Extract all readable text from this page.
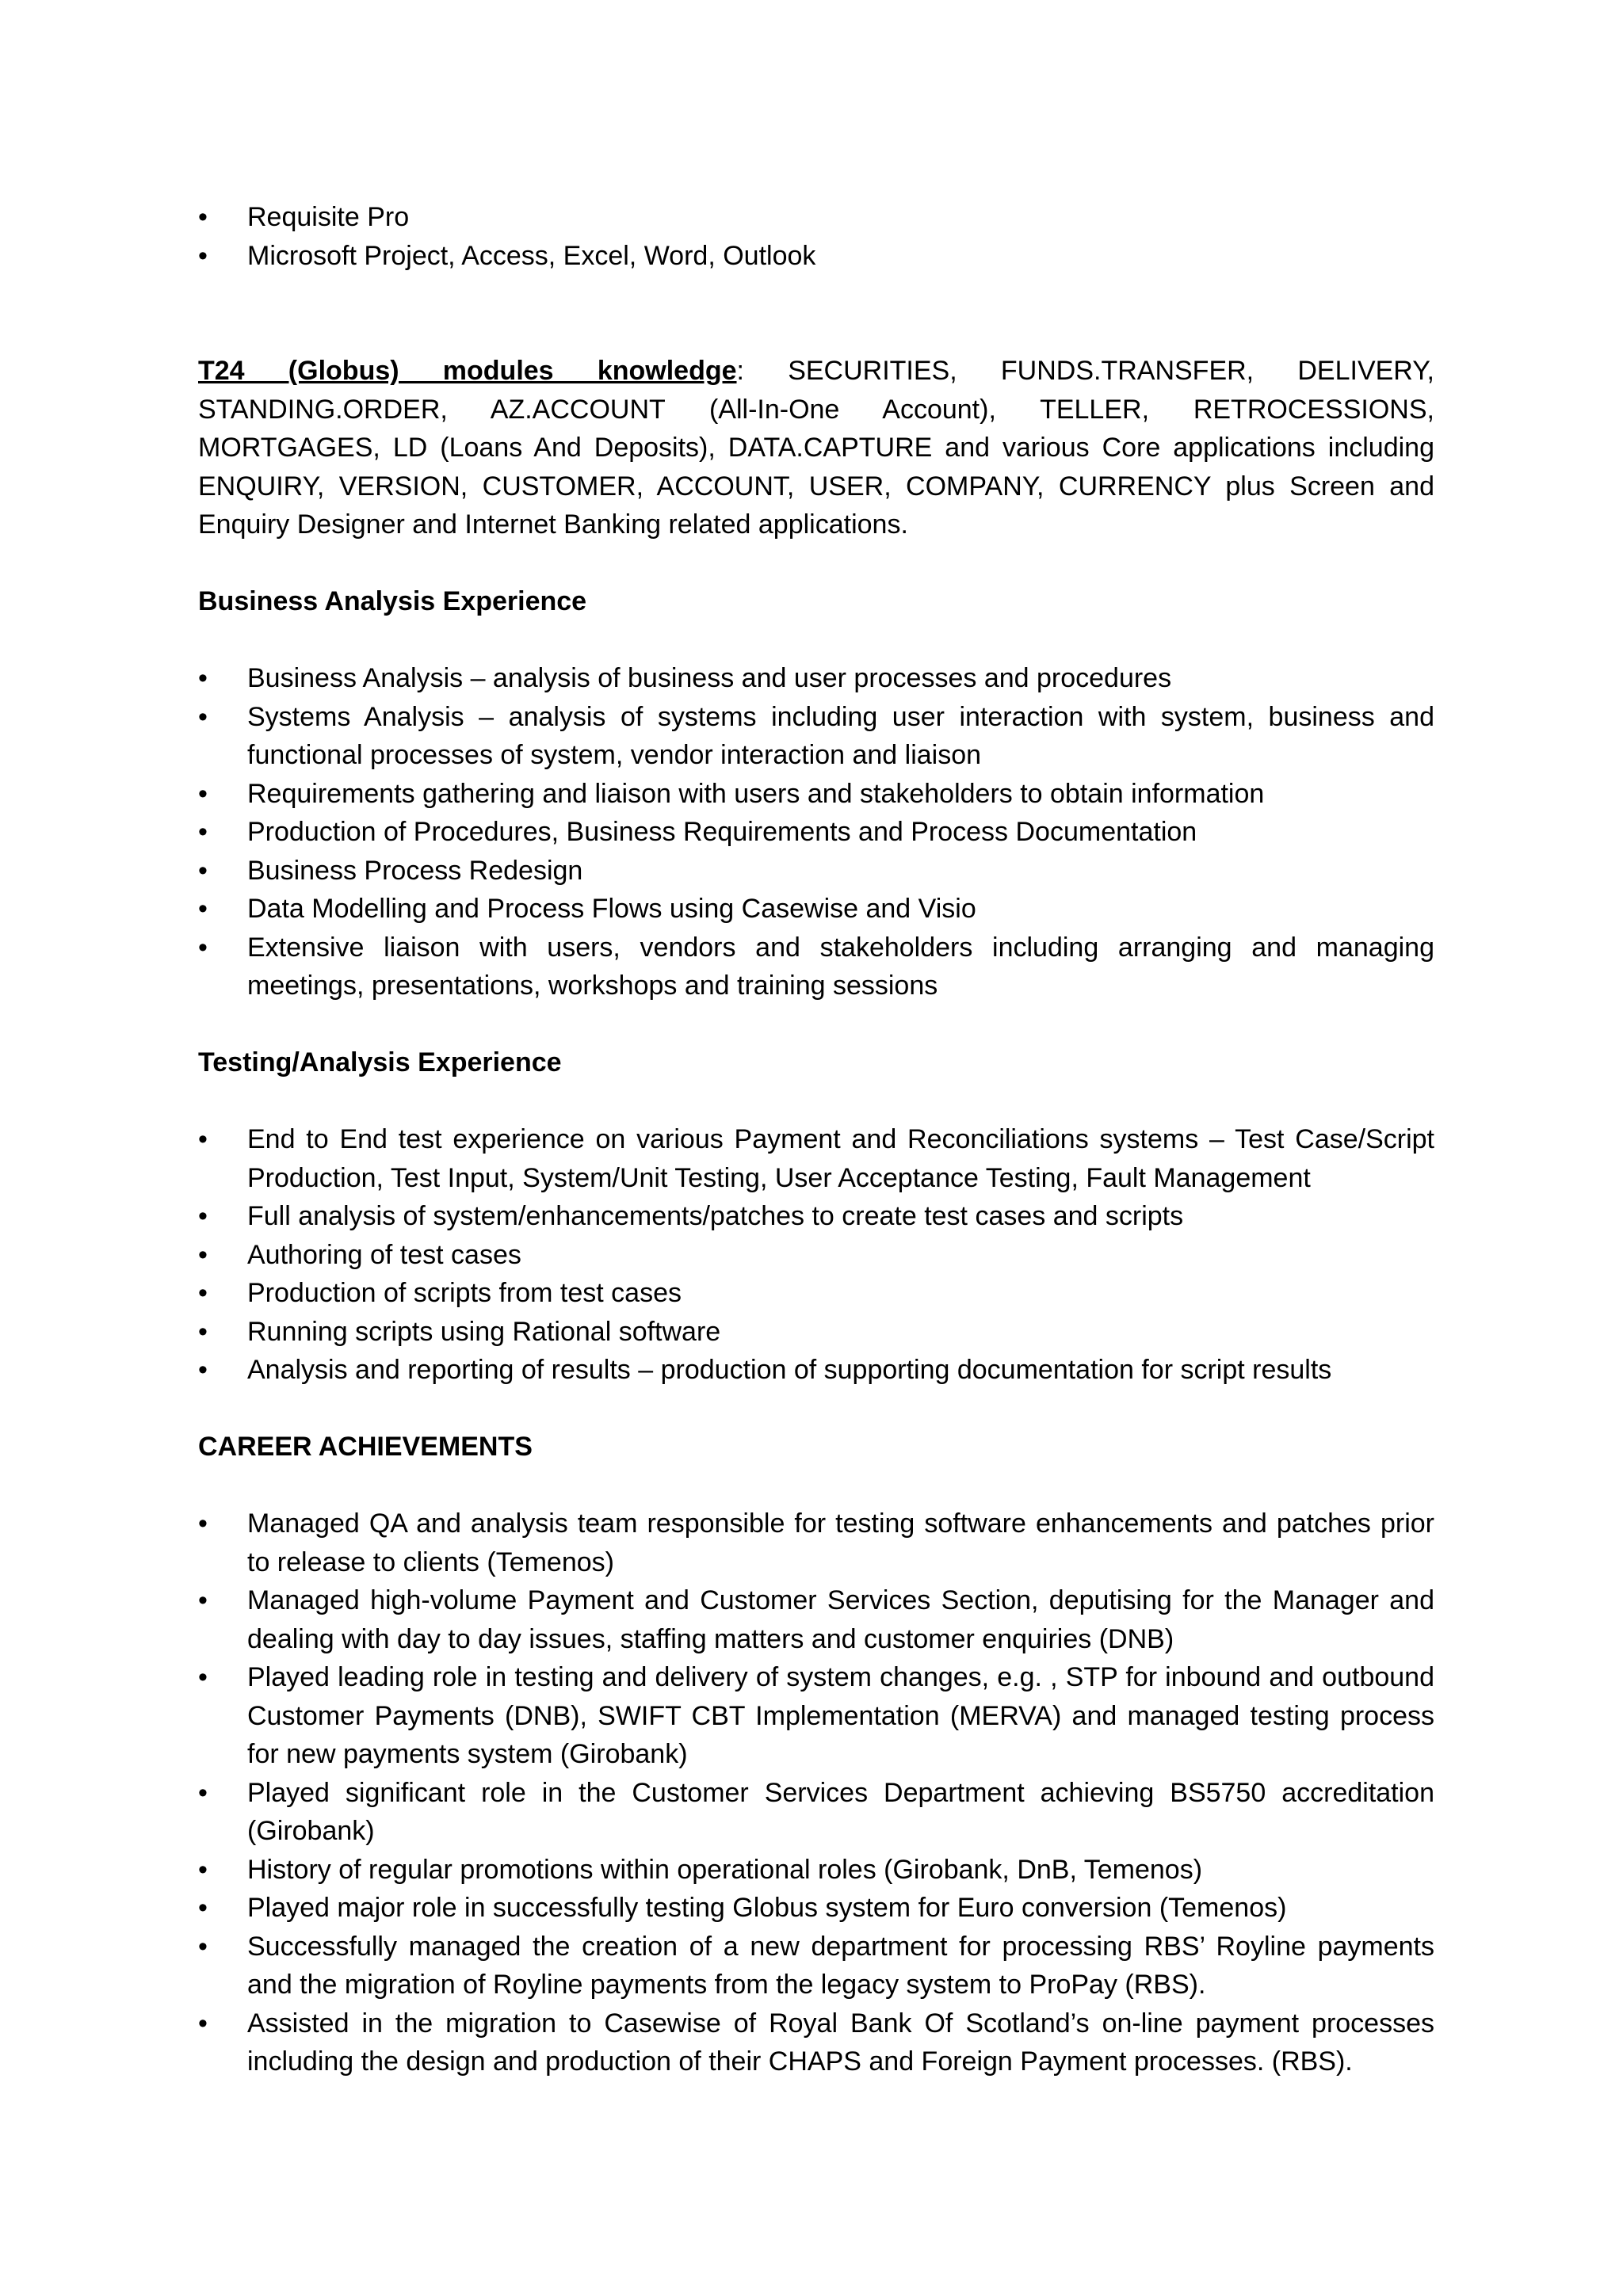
• Requisite Pro
• Microsoft Project, Access, Excel, Word, Outlook

T24 (Globus) modules knowledge: SECURITIES, FUNDS.TRANSFER, DELIVERY, STANDING.ORDER, AZ.ACCOUNT (All-In-One Account), TELLER, RETROCESSIONS, MORTGAGES, LD (Loans And Deposits), DATA.CAPTURE and various Core applications including ENQUIRY, VERSION, CUSTOMER, ACCOUNT, USER, COMPANY, CURRENCY plus Screen and Enquiry Designer and Internet Banking related applications.

Business Analysis Experience
• Business Analysis – analysis of business and user processes and procedures
• Systems Analysis – analysis of systems including user interaction with system, business and functional processes of system, vendor interaction and liaison
• Requirements gathering and liaison with users and stakeholders to obtain information
• Production of Procedures, Business Requirements and Process Documentation
• Business Process Redesign
• Data Modelling and Process Flows using Casewise and Visio
• Extensive liaison with users, vendors and stakeholders including arranging and managing meetings, presentations, workshops and training sessions
Testing/Analysis Experience
• End to End test experience on various Payment and Reconciliations systems – Test Case/Script Production, Test Input, System/Unit Testing, User Acceptance Testing, Fault Management
• Full analysis of system/enhancements/patches to create test cases and scripts
• Authoring of test cases
• Production of scripts from test cases
• Running scripts using Rational software
• Analysis and reporting of results – production of supporting documentation for script results
CAREER ACHIEVEMENTS
• Managed QA and analysis team responsible for testing software enhancements and patches prior to release to clients (Temenos)
• Managed high-volume Payment and Customer Services Section, deputising for the Manager and dealing with day to day issues, staffing matters and customer enquiries (DNB)
• Played leading role in testing and delivery of system changes, e.g. , STP for inbound and outbound Customer Payments (DNB), SWIFT CBT Implementation (MERVA) and managed testing process for new payments system (Girobank)
• Played significant role in the Customer Services Department achieving BS5750 accreditation (Girobank)
• History of regular promotions within operational roles (Girobank, DnB, Temenos)
• Played major role in successfully testing Globus system for Euro conversion (Temenos)
• Successfully managed the creation of a new department for processing RBS’ Royline payments and the migration of Royline payments from the legacy system to ProPay (RBS).
• Assisted in the migration to Casewise of Royal Bank Of Scotland’s on-line payment processes including the design and production of their CHAPS and Foreign Payment processes. (RBS).
